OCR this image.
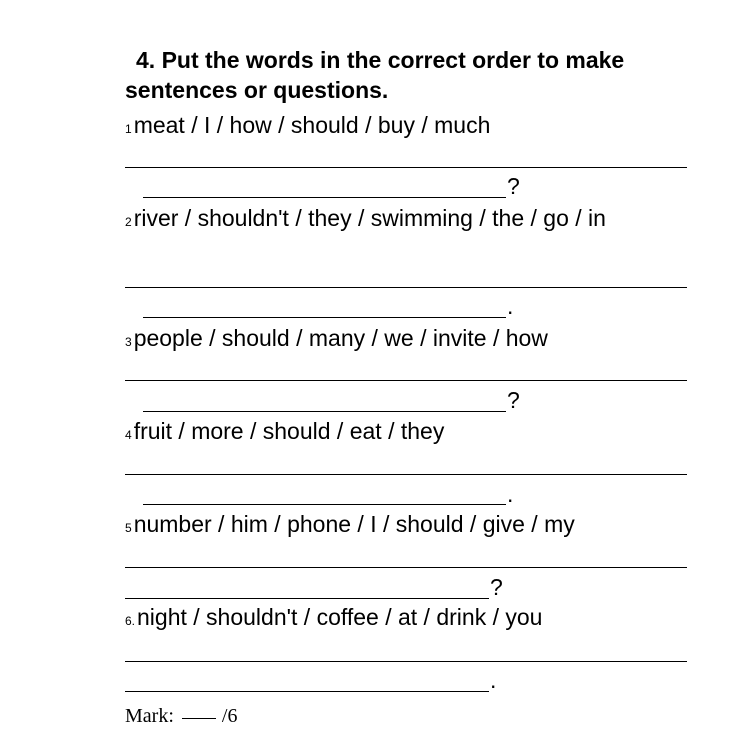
4. Put the words in the correct order to make
sentences or questions.
1meat / I / how / should / buy / much
?
2river / shouldn't / they / swimming / the / go / in
.
3people / should / many / we / invite / how
?
4fruit / more / should / eat / they
.
5number / him / phone / I / should / give / my
?
6.night / shouldn't / coffee / at / drink / you
.
Mark: /6
